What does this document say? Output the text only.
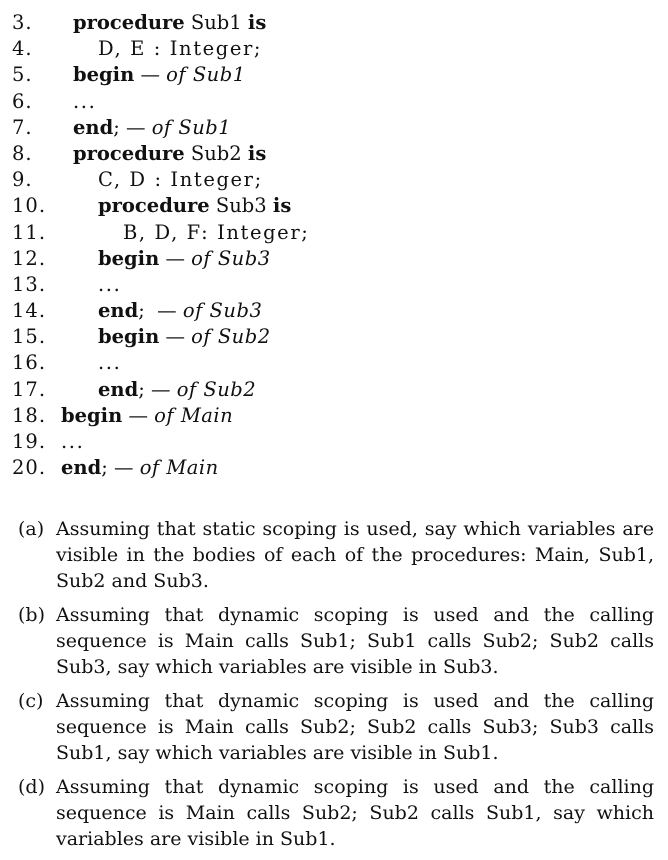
3. procedure Sub1 is
4.	D, E : Integer;
5. begin — of Sub1
6. ...
7. end; — of Sub1
8. procedure Sub2 is
9.	C, D : Integer;
10.	procedure Sub3 is
11.	B, D, F: Integer;
12.	begin — of Sub3
13.	...
14.	end;  — of Sub3
15.	begin — of Sub2
16.	...
17.	end; — of Sub2
18. begin — of Main
19. ...
20. end; — of Main
(a) Assuming that static scoping is used, say which variables are visible in the bodies of each of the procedures: Main, Sub1, Sub2 and Sub3.
(b) Assuming that dynamic scoping is used and the calling sequence is Main calls Sub1; Sub1 calls Sub2; Sub2 calls Sub3, say which variables are visible in Sub3.
(c) Assuming that dynamic scoping is used and the calling sequence is Main calls Sub2; Sub2 calls Sub3; Sub3 calls Sub1, say which variables are visible in Sub1.
(d) Assuming that dynamic scoping is used and the calling sequence is Main calls Sub2; Sub2 calls Sub1, say which variables are visible in Sub1.
